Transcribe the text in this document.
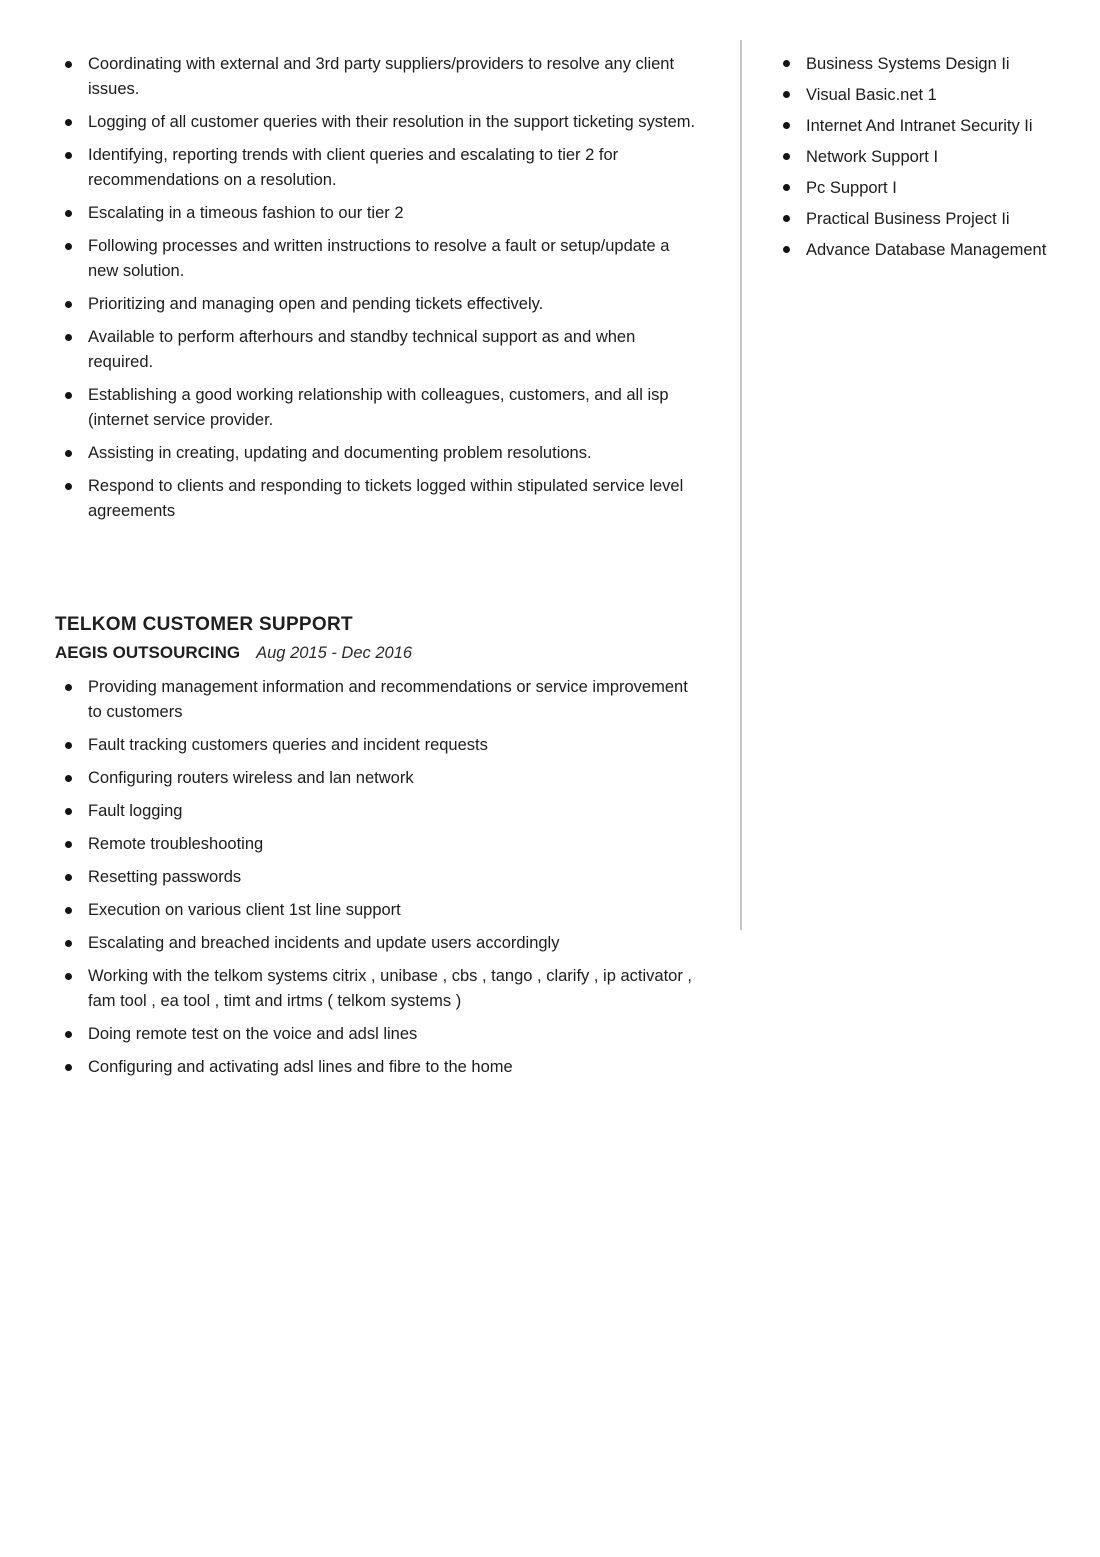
Coordinating with external and 3rd party suppliers/providers to resolve any client issues.
Logging of all customer queries with their resolution in the support ticketing system.
Identifying, reporting trends with client queries and escalating to tier 2 for recommendations on a resolution.
Escalating in a timeous fashion to our tier 2
Following processes and written instructions to resolve a fault or setup/update a new solution.
Prioritizing and managing open and pending tickets effectively.
Available to perform afterhours and standby technical support as and when required.
Establishing a good working relationship with colleagues, customers, and all isp (internet service provider.
Assisting in creating, updating and documenting problem resolutions.
Respond to clients and responding to tickets logged within stipulated service level agreements
TELKOM CUSTOMER SUPPORT
AEGIS OUTSOURCING Aug 2015 - Dec 2016
Providing management information and recommendations or service improvement to customers
Fault tracking customers queries and incident requests
Configuring routers wireless and lan network
Fault logging
Remote troubleshooting
Resetting passwords
Execution on various client 1st line support
Escalating and breached incidents and update users accordingly
Working with the telkom systems citrix , unibase , cbs , tango , clarify , ip activator , fam tool , ea tool , timt and irtms ( telkom systems )
Doing remote test on the voice and adsl lines
Configuring and activating adsl lines and fibre to the home
Business Systems Design Ii
Visual Basic.net 1
Internet And Intranet Security Ii
Network Support I
Pc Support I
Practical Business Project Ii
Advance Database Management
